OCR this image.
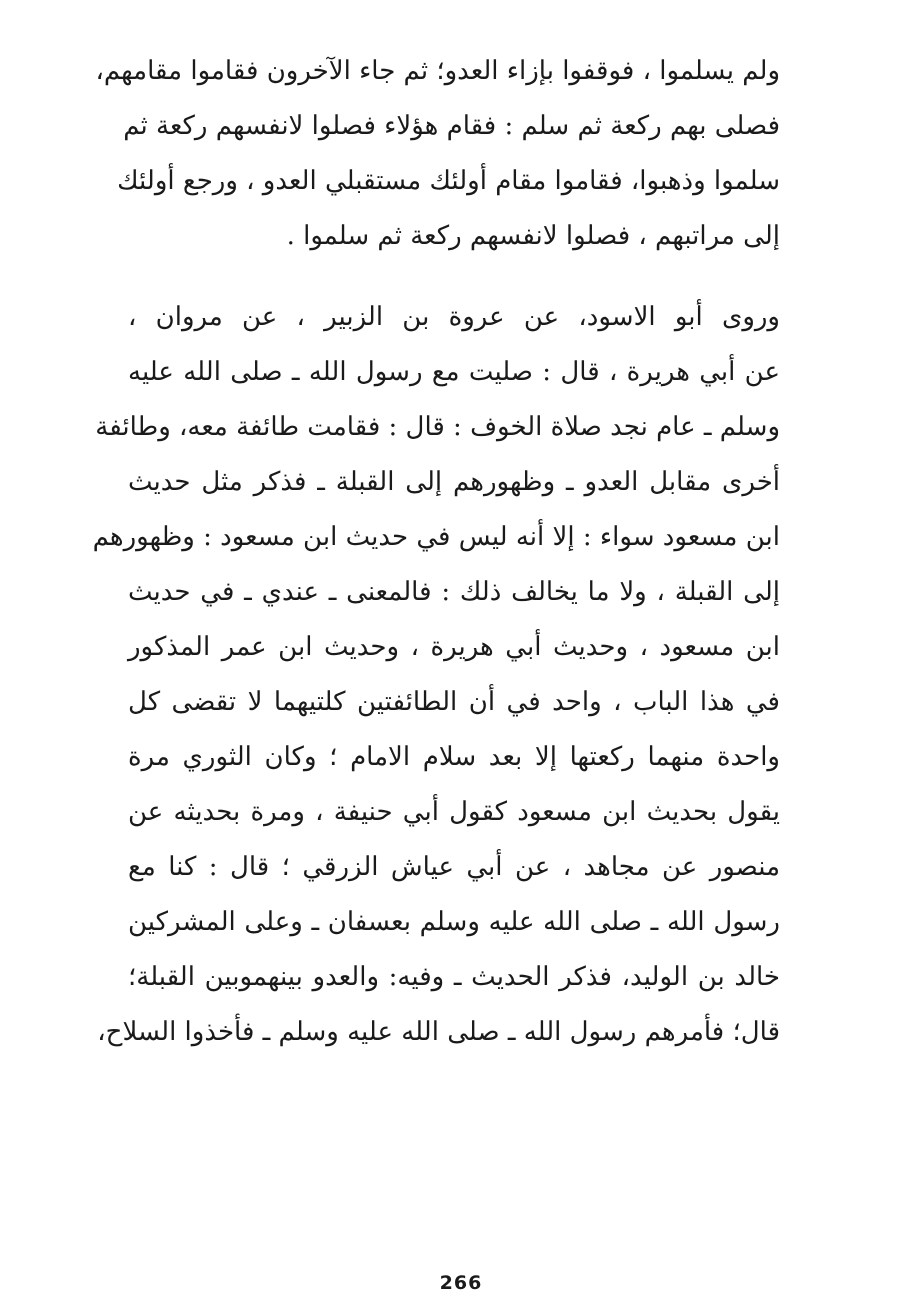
ولم يسلموا ، فوقفوا بإزاء العدو؛ ثم جاء الآخرون فقاموا مقامهم،
فصلى بهم ركعة ثم سلم : فقام هؤلاء فصلوا لانفسهم ركعة ثم
سلموا وذهبوا، فقاموا مقام أولئك مستقبلي العدو ، ورجع أولئك
إلى مراتبهم ، فصلوا لانفسهم ركعة ثم سلموا .
وروى أبو الاسود، عن عروة بن الزبير ، عن مروان ،
عن أبي هريرة ، قال : صليت مع رسول الله ـ صلى الله عليه
وسلم ـ عام نجد صلاة الخوف : قال : فقامت طائفة معه، وطائفة
أخرى مقابل العدو ـ وظهورهم إلى القبلة ـ فذكر مثل حديث
ابن مسعود سواء : إلا أنه ليس في حديث ابن مسعود : وظهورهم
إلى القبلة ، ولا ما يخالف ذلك : فالمعنى ـ عندي ـ في حديث
ابن مسعود ، وحديث أبي هريرة ، وحديث ابن عمر المذكور
في هذا الباب ، واحد في أن الطائفتين كلتيهما لا تقضى كل
واحدة منهما ركعتها إلا بعد سلام الامام ؛ وكان الثوري مرة
يقول بحديث ابن مسعود كقول أبي حنيفة ، ومرة بحديثه عن
منصور عن مجاهد ، عن أبي عياش الزرقي ؛ قال : كنا مع
رسول الله ـ صلى الله عليه وسلم بعسفان ـ وعلى المشركين
خالد بن الوليد، فذكر الحديث ـ وفيه: والعدو بينهموبين القبلة؛
قال؛ فأمرهم رسول الله ـ صلى الله عليه وسلم ـ فأخذوا السلاح،
266
